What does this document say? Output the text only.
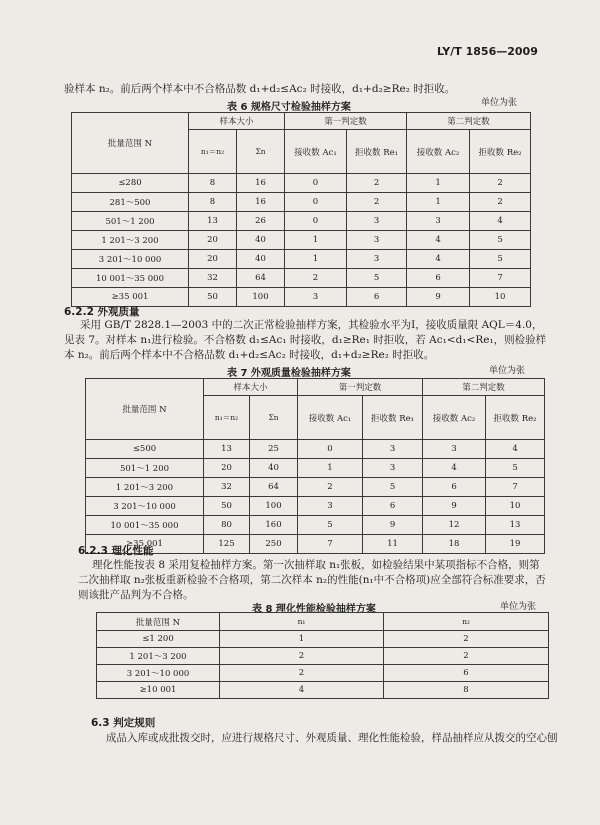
LY/T 1856—2009
验样本 n₂。前后两个样本中不合格品数 d₁+d₂≤Ac₂ 时接收，d₁+d₂≥Re₂ 时拒收。
表 6 规格尺寸检验抽样方案	单位为张
批量范围 N	样本大小		第一判定数		第二判定数	
	n₁＝n₂	Σn	接收数 Ac₁	拒收数 Re₁	接收数 Ac₂	拒收数 Re₂
≤280	8	16	0	2	1	2
281～500	8	16	0	2	1	2
501～1 200	13	26	0	3	3	4
1 201～3 200	20	40	1	3	4	5
3 201～10 000	20	40	1	3	4	5
10 001～35 000	32	64	2	5	6	7
≥35 001	50	100	3	6	9	10
6.2.2 外观质量
采用 GB/T 2828.1—2003 中的二次正常检验抽样方案，其检验水平为Ⅰ，接收质量限 AQL＝4.0，
见表 7。对样本 n₁进行检验。不合格数 d₁≤Ac₁ 时接收，d₁≥Re₁ 时拒收，若 Ac₁<d₁<Re₁，则检验样
本 n₂。前后两个样本中不合格品数 d₁+d₂≤Ac₂ 时接收，d₁+d₂≥Re₂ 时拒收。
表 7 外观质量检验抽样方案	单位为张
批量范围 N	样本大小		第一判定数		第二判定数	
	n₁＝n₂	Σn	接收数 Ac₁	拒收数 Re₁	接收数 Ac₂	拒收数 Re₂
≤500	13	25	0	3	3	4
501～1 200	20	40	1	3	4	5
1 201～3 200	32	64	2	5	6	7
3 201～10 000	50	100	3	6	9	10
10 001～35 000	80	160	5	9	12	13
≥35 001	125	250	7	11	18	19
6.2.3 理化性能
理化性能按表 8 采用复检抽样方案。第一次抽样取 n₁张板，如检验结果中某项指标不合格，则第
二次抽样取 n₂张板重新检验不合格项，第二次样本 n₂的性能(n₁中不合格项)应全部符合标准要求，否
则该批产品判为不合格。
表 8 理化性能检验抽样方案	单位为张
批量范围 N	n₁	n₂
≤1 200	1	2
1 201～3 200	2	2
3 201～10 000	2	6
≥10 001	4	8
6.3 判定规则
成品入库或成批拨交时，应进行规格尺寸、外观质量、理化性能检验，样品抽样应从拨交的空心刨
